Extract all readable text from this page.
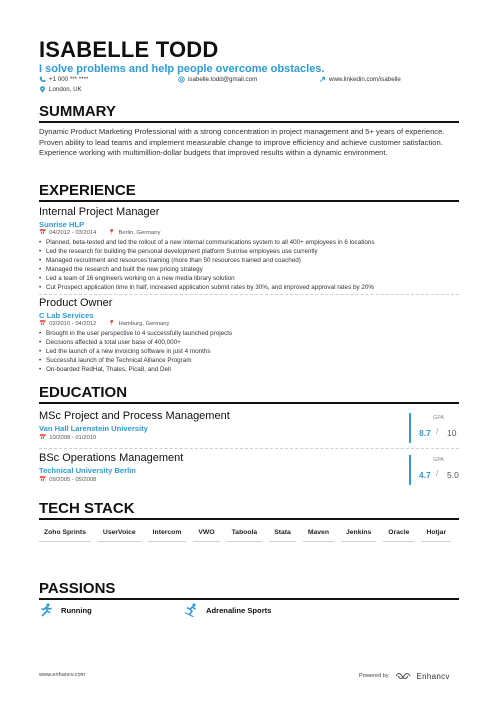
ISABELLE TODD
I solve problems and help people overcome obstacles.
+1 000 *** ****	isabelle.todd@gmail.com	www.linkedin.com/isabelle
London, UK
SUMMARY
Dynamic Product Marketing Professional with a strong concentration in project management and 5+ years of experience. Proven ability to lead teams and implement measurable change to improve efficiency and achieve customer satisfaction. Experience working with multimillion-dollar budgets that improved results within a dynamic environment.
EXPERIENCE
Internal Project Manager
Sunrise HLP
📅 04/2012 - 03/2014 📍 Berlin, Germany
• Planned, beta-tested and led the rollout of a new internal communications system to all 400+ employees in 6 locations
• Led the research for building the personal development platform Sunrise employees use currently
• Managed recruitment and resources training (more than 50 resources trained and coached)
• Managed the research and built the new pricing strategy
• Led a team of 16 engineers working on a new media library solution
• Cut Prospect application time in half, increased application submit rates by 30%, and improved approval rates by 20%
Product Owner
C Lab Services
📅 02/2010 - 04/2012 📍 Hamburg, Germany
• Brought in the user perspective to 4 successfully launched projects
• Decisions affected a total user base of 400,000+
• Led the launch of a new invoicing software in just 4 months
• Successful launch of the Technical Alliance Program
• On-boarded RedHat, Thales, Pica8, and Dell
EDUCATION
MSc Project and Process Management
Van Hall Larenstein University
📅 10/2008 - 01/2010
GPA
8.7 / 10
BSc Operations Management
Technical University Berlin
📅 09/2005 - 05/2008
GPA
4.7 / 5.0
TECH STACK
Zoho Sprints	UserVoice	Intercom	VWO	Taboola	Stata	Maven	Jenkins	Oracle	Hotjar
PASSIONS
Running	Adrenaline Sports
www.enhancv.com	Powered by	Enhancv
